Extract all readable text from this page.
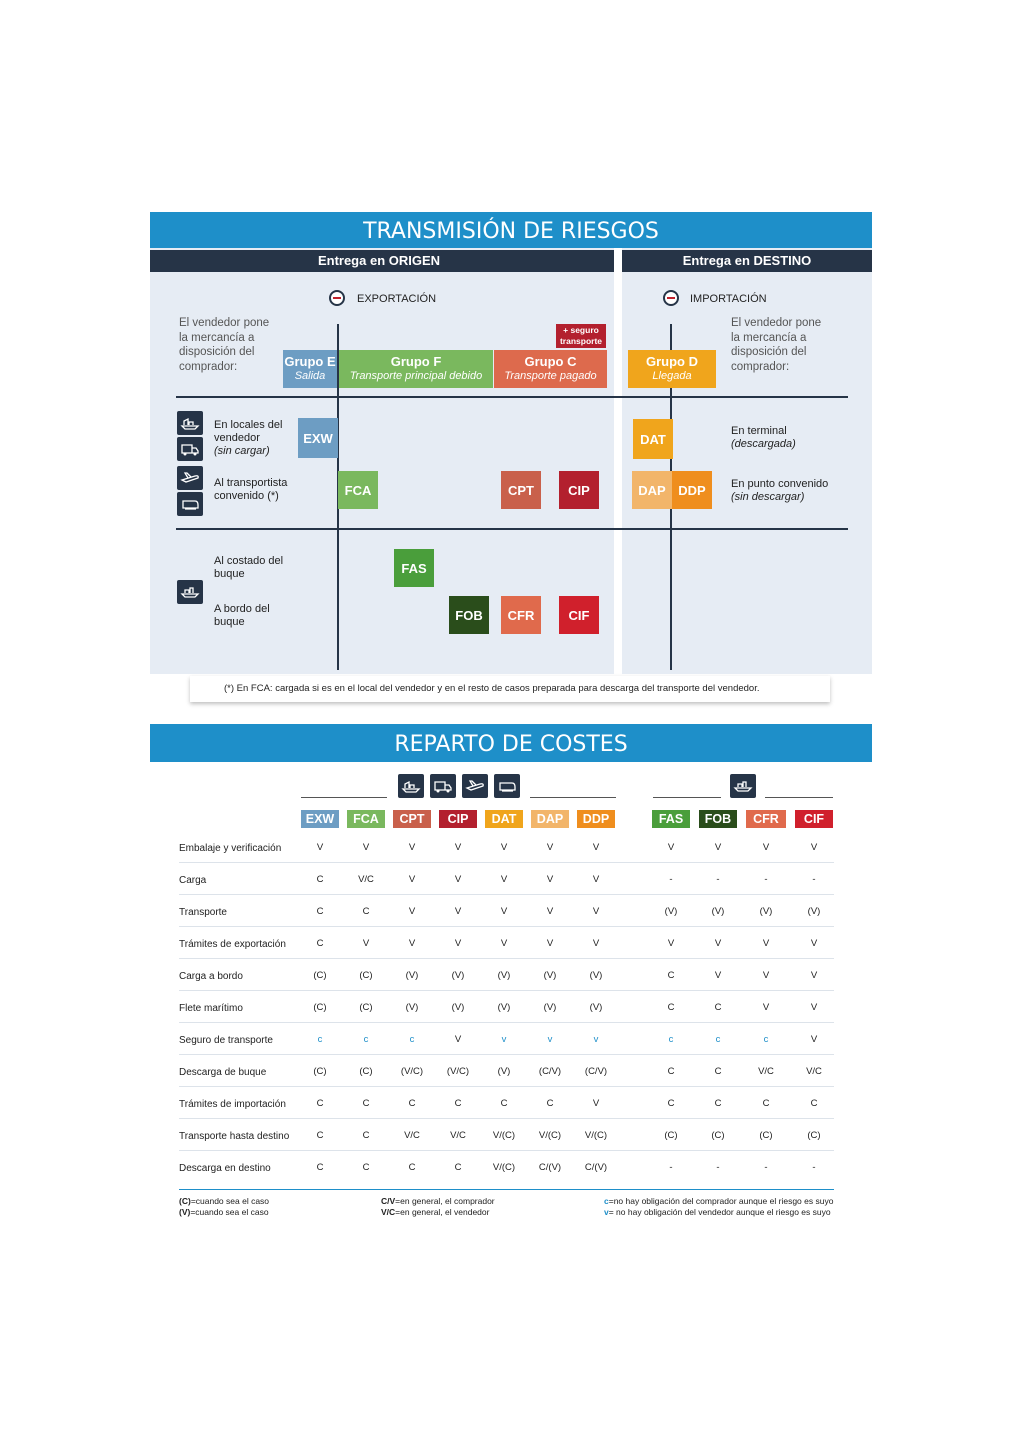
TRANSMISIÓN DE RIESGOS
Entrega en ORIGEN	Entrega en DESTINO
EXPORTACIÓN	IMPORTACIÓN
El vendedor pone la mercancía a disposición del comprador:
El vendedor pone la mercancía a disposición del comprador:
+ seguro transporte
Grupo E
Salida
Grupo F
Transporte principal debido
Grupo C
Transporte pagado
Grupo D
Llegada
En locales del vendedor
(sin cargar)
Al transportista convenido (*)
Al costado del buque
A bordo del buque
En terminal
(descargada)
En punto convenido
(sin descargar)
EXW
FCA	CPT	CIP
DAT
DAP DDP
FAS
FOB	CFR	CIF
(*) En FCA: cargada si es en el local del vendedor y en el resto de casos preparada para descarga del transporte del vendedor.
REPARTO DE COSTES
EXW	FCA	CPT	CIP	DAT	DAP	DDP	FAS	FOB	CFR	CIF
Embalaje y verificación	V	V	V	V	V	V	V	V	V	V	V
Carga	C	V/C	V	V	V	V	V	-	-	-	-
Transporte	C	C	V	V	V	V	V	(V)	(V)	(V)	(V)
Trámites de exportación	C	V	V	V	V	V	V	V	V	V	V
Carga a bordo	(C)	(C)	(V)	(V)	(V)	(V)	(V)	C	V	V	V
Flete marítimo	(C)	(C)	(V)	(V)	(V)	(V)	(V)	C	C	V	V
Seguro de transporte	c	c	c	V	v	v	v	c	c	c	V
Descarga de buque	(C)	(C)	(V/C)	(V/C)	(V)	(C/V)	(C/V)	C	C	V/C	V/C
Trámites de importación	C	C	C	C	C	C	V	C	C	C	C
Transporte hasta destino	C	C	V/C	V/C	V/(C)	V/(C)	V/(C)	(C)	(C)	(C)	(C)
Descarga en destino	C	C	C	C	V/(C)	C/(V)	C/(V)	-	-	-	-
(C)=cuando sea el caso
(V)=cuando sea el caso
C/V=en general, el comprador
V/C=en general, el vendedor
c=no hay obligación del comprador aunque el riesgo es suyo
v= no hay obligación del vendedor aunque el riesgo es suyo
